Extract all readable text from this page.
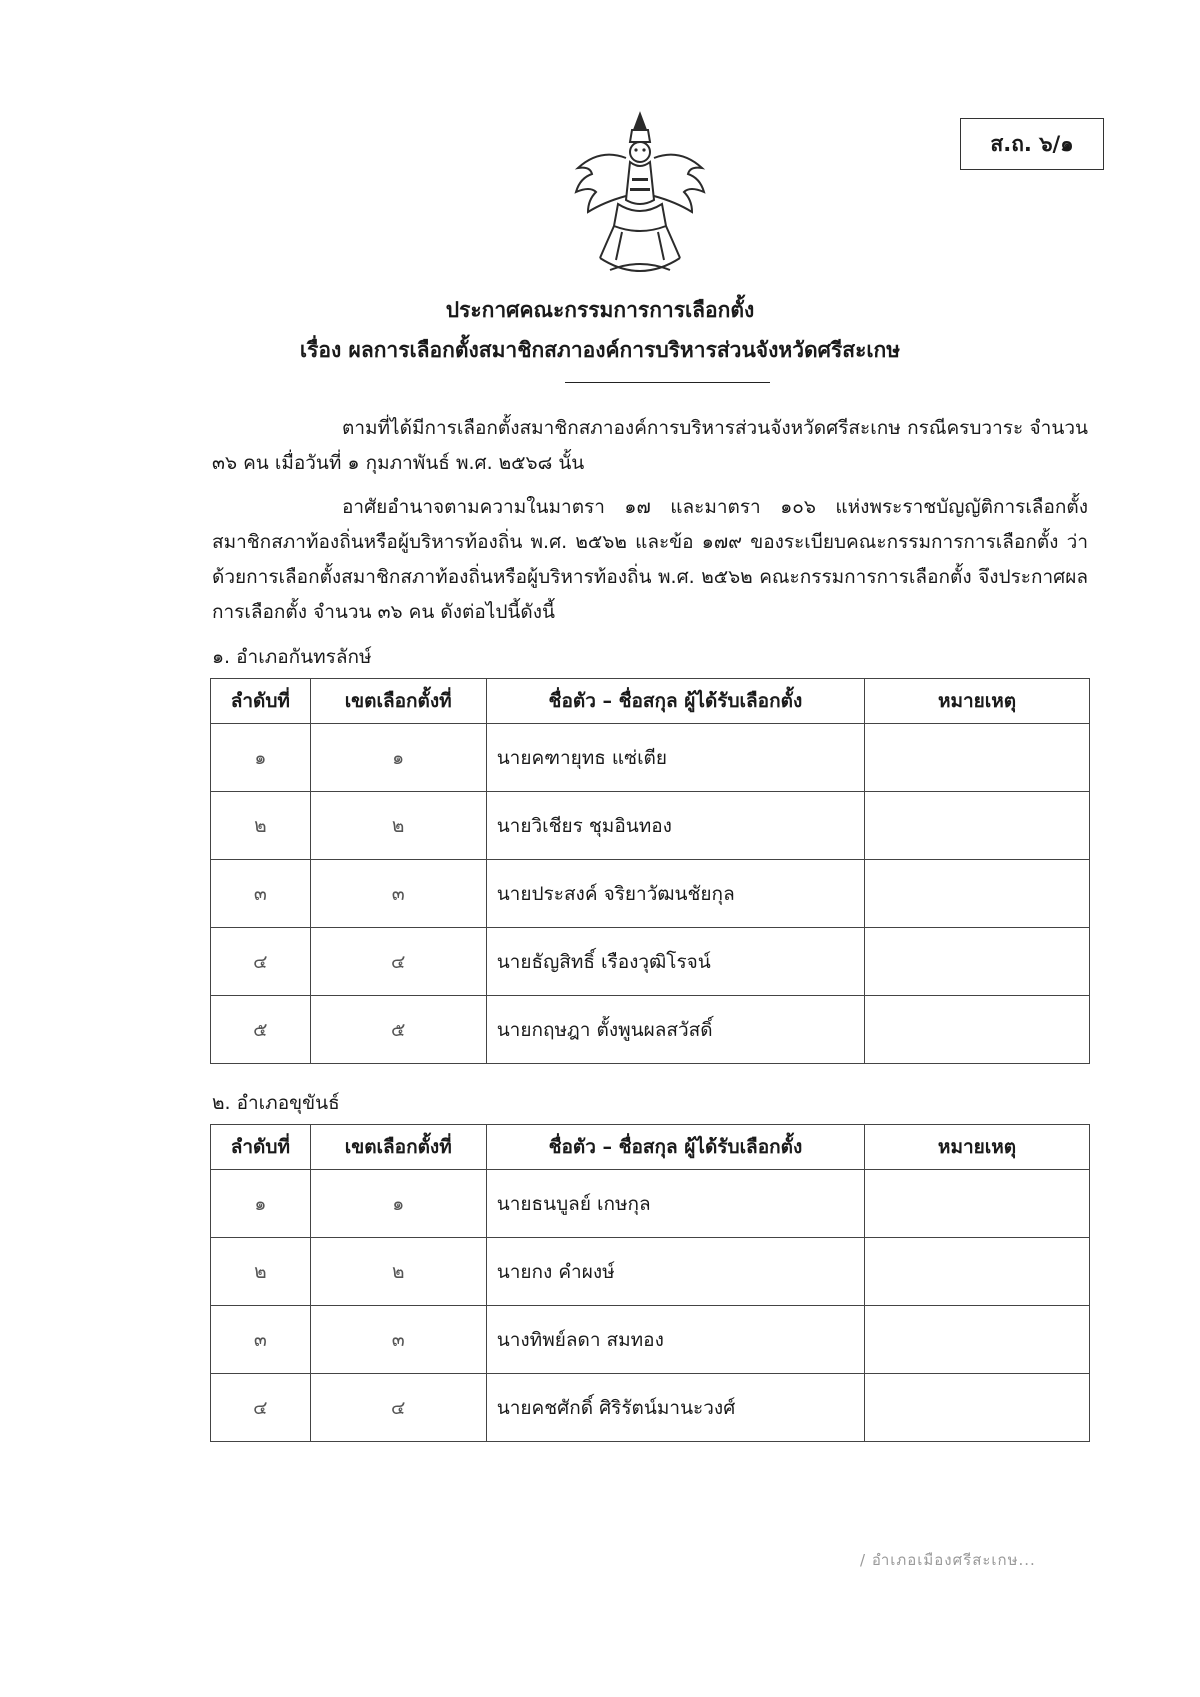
ส.ถ. ๖/๑
ประกาศคณะกรรมการการเลือกตั้ง
เรื่อง ผลการเลือกตั้งสมาชิกสภาองค์การบริหารส่วนจังหวัดศรีสะเกษ
ตามที่ได้มีการเลือกตั้งสมาชิกสภาองค์การบริหารส่วนจังหวัดศรีสะเกษ กรณีครบวาระ จำนวน ๓๖ คน เมื่อวันที่ ๑ กุมภาพันธ์ พ.ศ. ๒๕๖๘ นั้น
อาศัยอำนาจตามความในมาตรา ๑๗ และมาตรา ๑๐๖ แห่งพระราชบัญญัติการเลือกตั้งสมาชิกสภาท้องถิ่นหรือผู้บริหารท้องถิ่น พ.ศ. ๒๕๖๒ และข้อ ๑๗๙ ของระเบียบคณะกรรมการการเลือกตั้ง ว่าด้วยการเลือกตั้งสมาชิกสภาท้องถิ่นหรือผู้บริหารท้องถิ่น พ.ศ. ๒๕๖๒ คณะกรรมการการเลือกตั้ง จึงประกาศผลการเลือกตั้ง จำนวน ๓๖ คน ดังต่อไปนี้ดังนี้
๑. อำเภอกันทรลักษ์
ลำดับที่	เขตเลือกตั้งที่	ชื่อตัว – ชื่อสกุล ผู้ได้รับเลือกตั้ง	หมายเหตุ
๑	๑	นายคฑายุทธ แซ่เตีย	
๒	๒	นายวิเชียร ชุมอินทอง	
๓	๓	นายประสงค์ จริยาวัฒนชัยกุล	
๔	๔	นายธัญสิทธิ์ เรืองวุฒิโรจน์	
๕	๕	นายกฤษฎา ตั้งพูนผลสวัสดิ์	
๒. อำเภอขุขันธ์
ลำดับที่	เขตเลือกตั้งที่	ชื่อตัว – ชื่อสกุล ผู้ได้รับเลือกตั้ง	หมายเหตุ
๑	๑	นายธนบูลย์ เกษกุล	
๒	๒	นายกง คำผงษ์	
๓	๓	นางทิพย์ลดา สมทอง	
๔	๔	นายคชศักดิ์ ศิริรัตน์มานะวงศ์	
/ อำเภอเมืองศรีสะเกษ...
